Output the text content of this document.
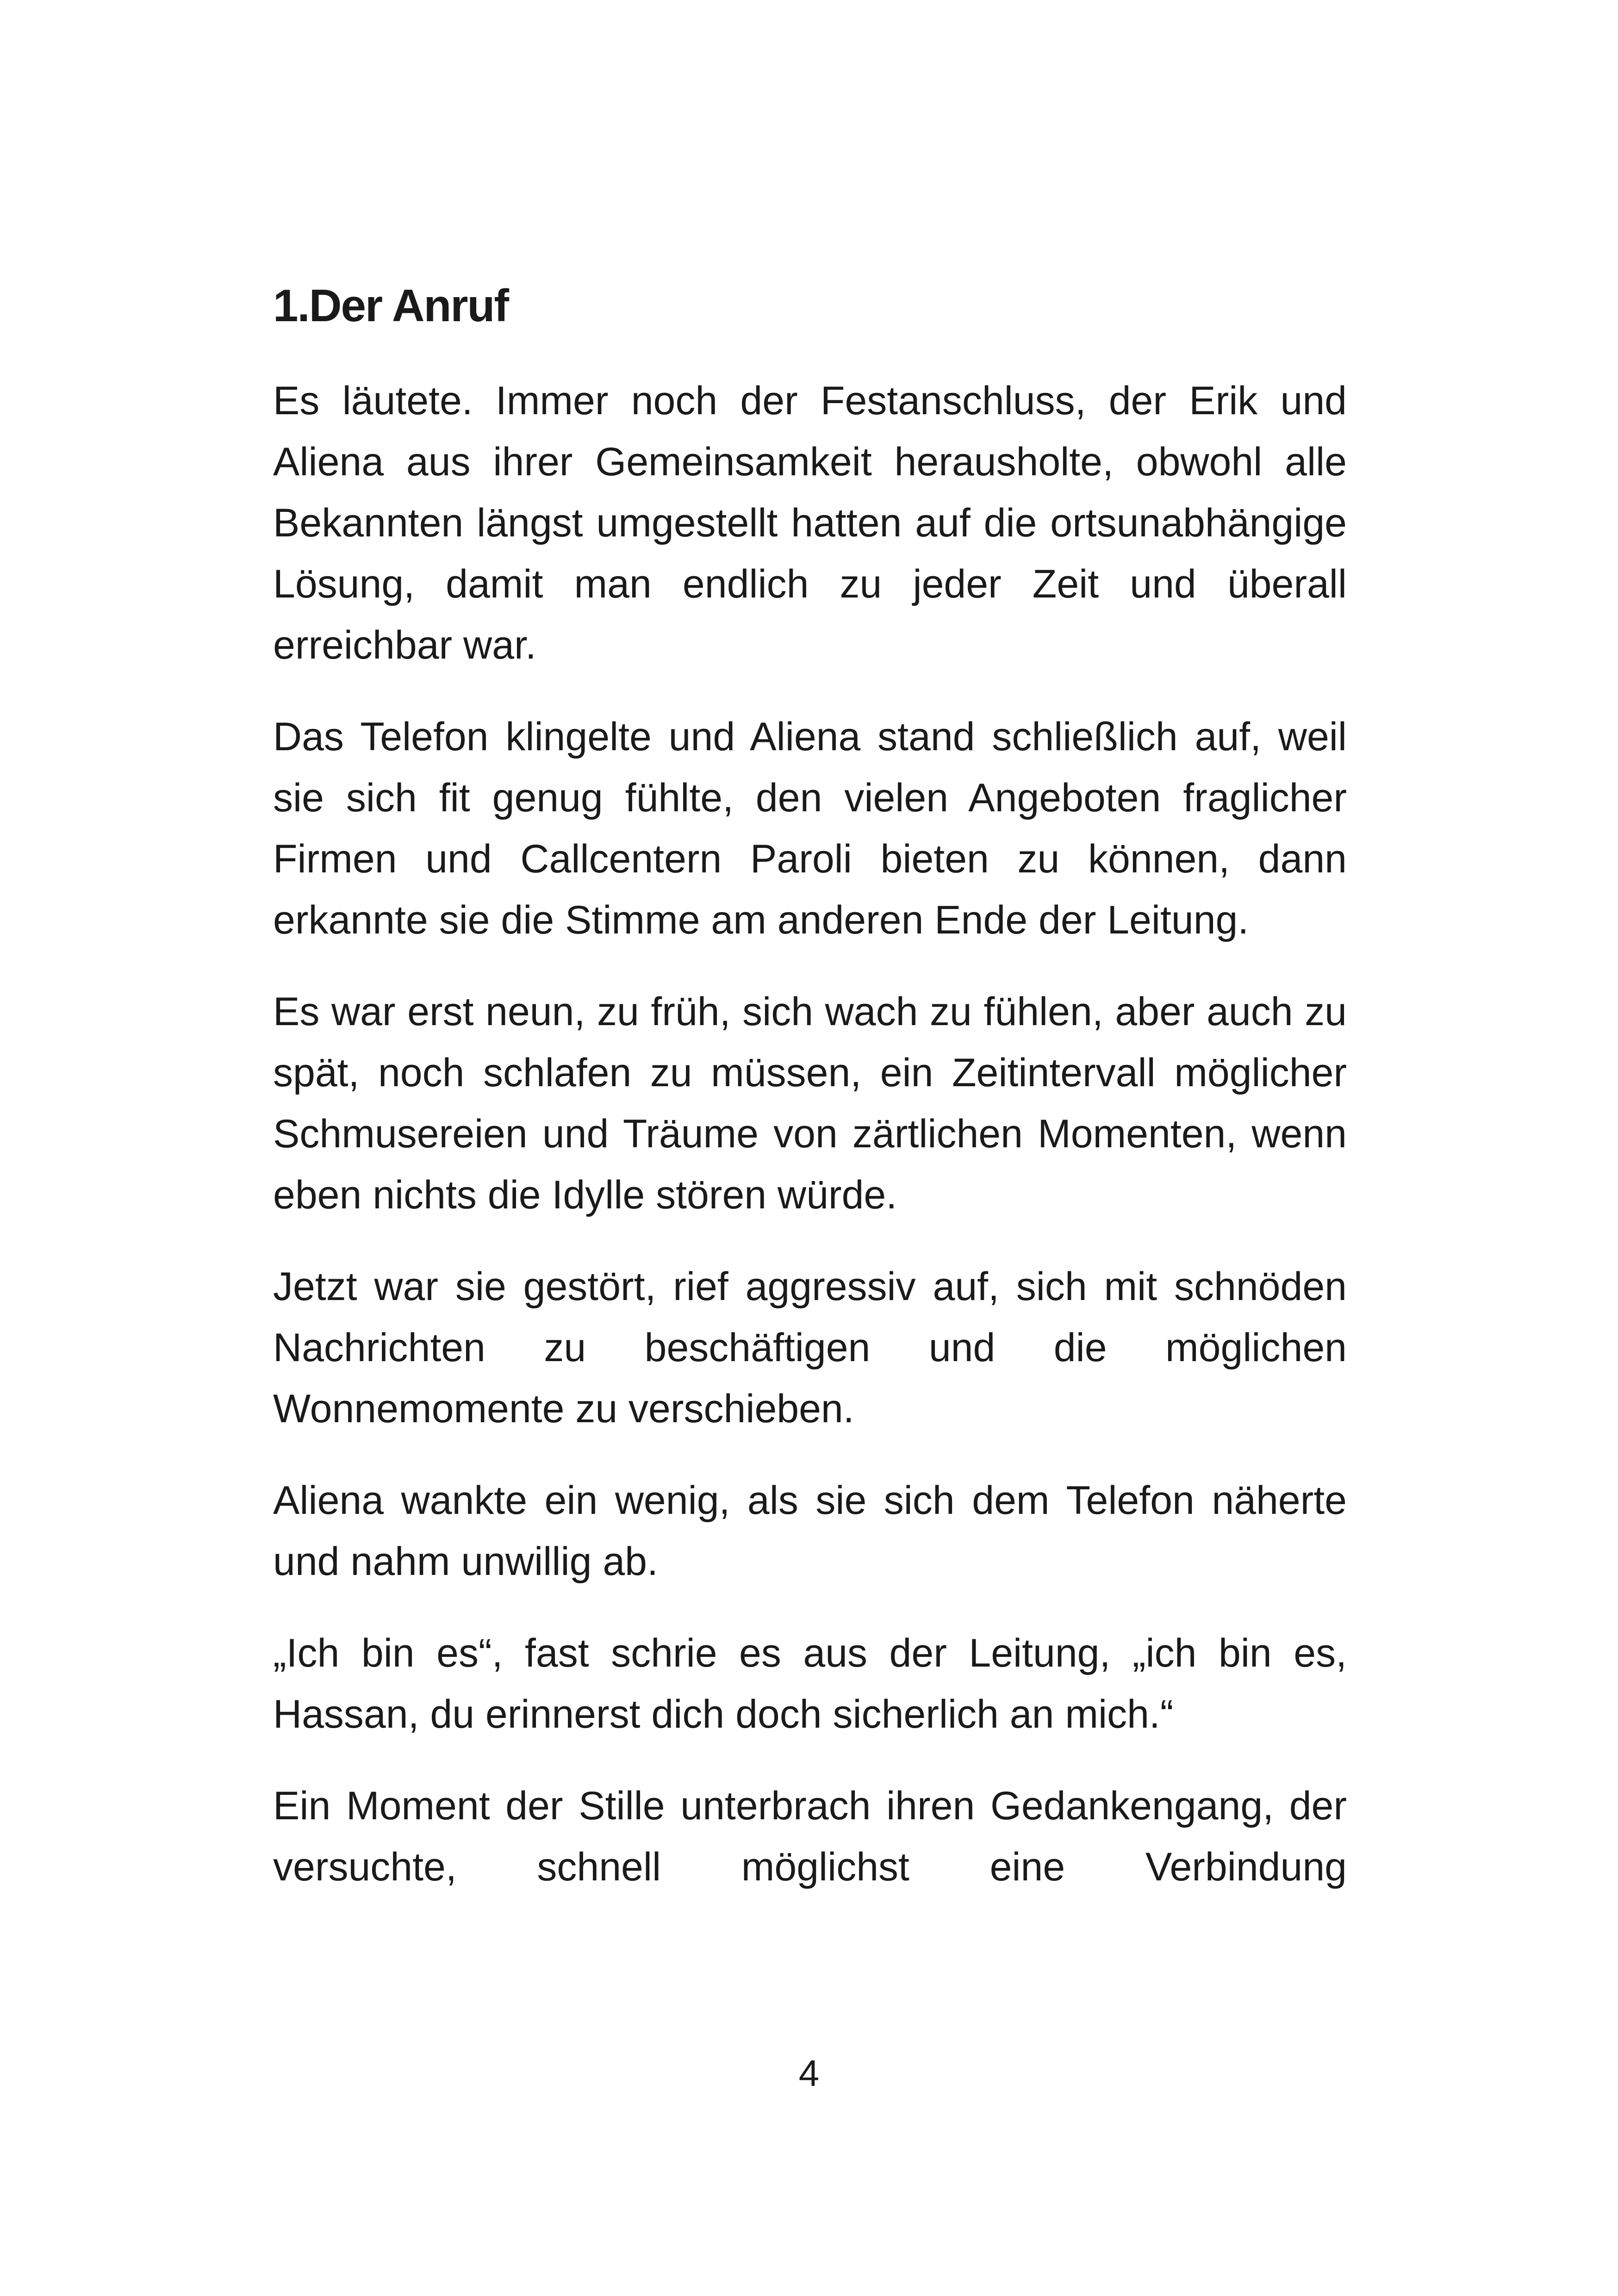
1.Der Anruf

Es läutete. Immer noch der Festanschluss, der Erik und Aliena aus ihrer Gemeinsamkeit herausholte, obwohl alle Bekannten längst umgestellt hatten auf die ortsunabhängige Lösung, damit man endlich zu jeder Zeit und überall erreichbar war.

Das Telefon klingelte und Aliena stand schließlich auf, weil sie sich fit genug fühlte, den vielen Angeboten fraglicher Firmen und Callcentern Paroli bieten zu können, dann erkannte sie die Stimme am anderen Ende der Leitung.

Es war erst neun, zu früh, sich wach zu fühlen, aber auch zu spät, noch schlafen zu müssen, ein Zeitintervall möglicher Schmusereien und Träume von zärtlichen Momenten, wenn eben nichts die Idylle stören würde.

Jetzt war sie gestört, rief aggressiv auf, sich mit schnöden Nachrichten zu beschäftigen und die möglichen Wonnemomente zu verschieben.

Aliena wankte ein wenig, als sie sich dem Telefon näherte und nahm unwillig ab.

„Ich bin es“, fast schrie es aus der Leitung, „ich bin es, Hassan, du erinnerst dich doch sicherlich an mich.“

Ein Moment der Stille unterbrach ihren Gedankengang, der versuchte, schnell möglichst eine Verbindung

4
